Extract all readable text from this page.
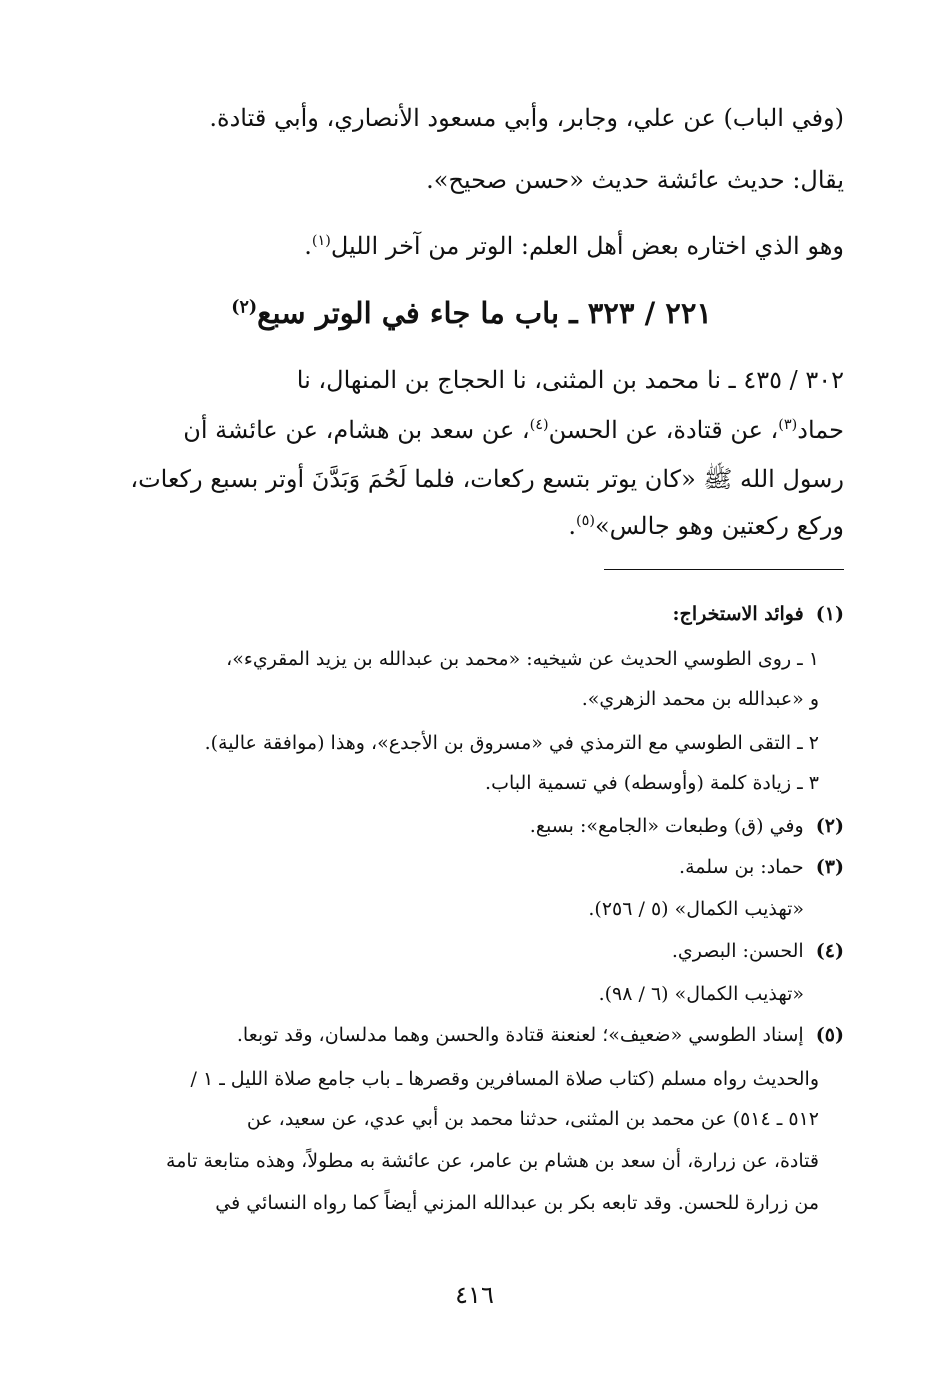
(وفي الباب) عن علي، وجابر، وأبي مسعود الأنصاري، وأبي قتادة.
يقال: حديث عائشة حديث «حسن صحيح».
وهو الذي اختاره بعض أهل العلم: الوتر من آخر الليل$^{(١)}$.
٢٢١ / ٣٢٣ ـ باب ما جاء في الوتر سبع$^{(٢)}$
٣٠٢ / ٤٣٥ ـ نا محمد بن المثنى، نا الحجاج بن المنهال، نا
حماد$^{(٣)}$، عن قتادة، عن الحسن$^{(٤)}$، عن سعد بن هشام، عن عائشة أن
رسول الله ﷺ «كان يوتر بتسع ركعات، فلما لَحُمَ وَبَدَّنَ أوتر بسبع ركعات،
وركع ركعتين وهو جالس»$^{(٥)}$.
(١)  فوائد الاستخراج:
١ ـ روى الطوسي الحديث عن شيخيه: «محمد بن عبدالله بن يزيد المقريء»،
و «عبدالله بن محمد الزهري».
٢ ـ التقى الطوسي مع الترمذي في «مسروق بن الأجدع»، وهذا (موافقة عالية).
٣ ـ زيادة كلمة (وأوسطه) في تسمية الباب.
(٢)  وفي (ق) وطبعات «الجامع»: بسبع.
(٣)  حماد: بن سلمة.
«تهذيب الكمال» (٥ / ٢٥٦).
(٤)  الحسن: البصري.
«تهذيب الكمال» (٦ / ٩٨).
(٥)  إسناد الطوسي «ضعيف»؛ لعنعنة قتادة والحسن وهما مدلسان، وقد توبعا.
والحديث رواه مسلم (كتاب صلاة المسافرين وقصرها ـ باب جامع صلاة الليل ـ ١ /
٥١٢ ـ ٥١٤) عن محمد بن المثنى، حدثنا محمد بن أبي عدي، عن سعيد، عن
قتادة، عن زرارة، أن سعد بن هشام بن عامر، عن عائشة به مطولاً، وهذه متابعة تامة
من زرارة للحسن. وقد تابعه بكر بن عبدالله المزني أيضاً كما رواه النسائي في
٤١٦
